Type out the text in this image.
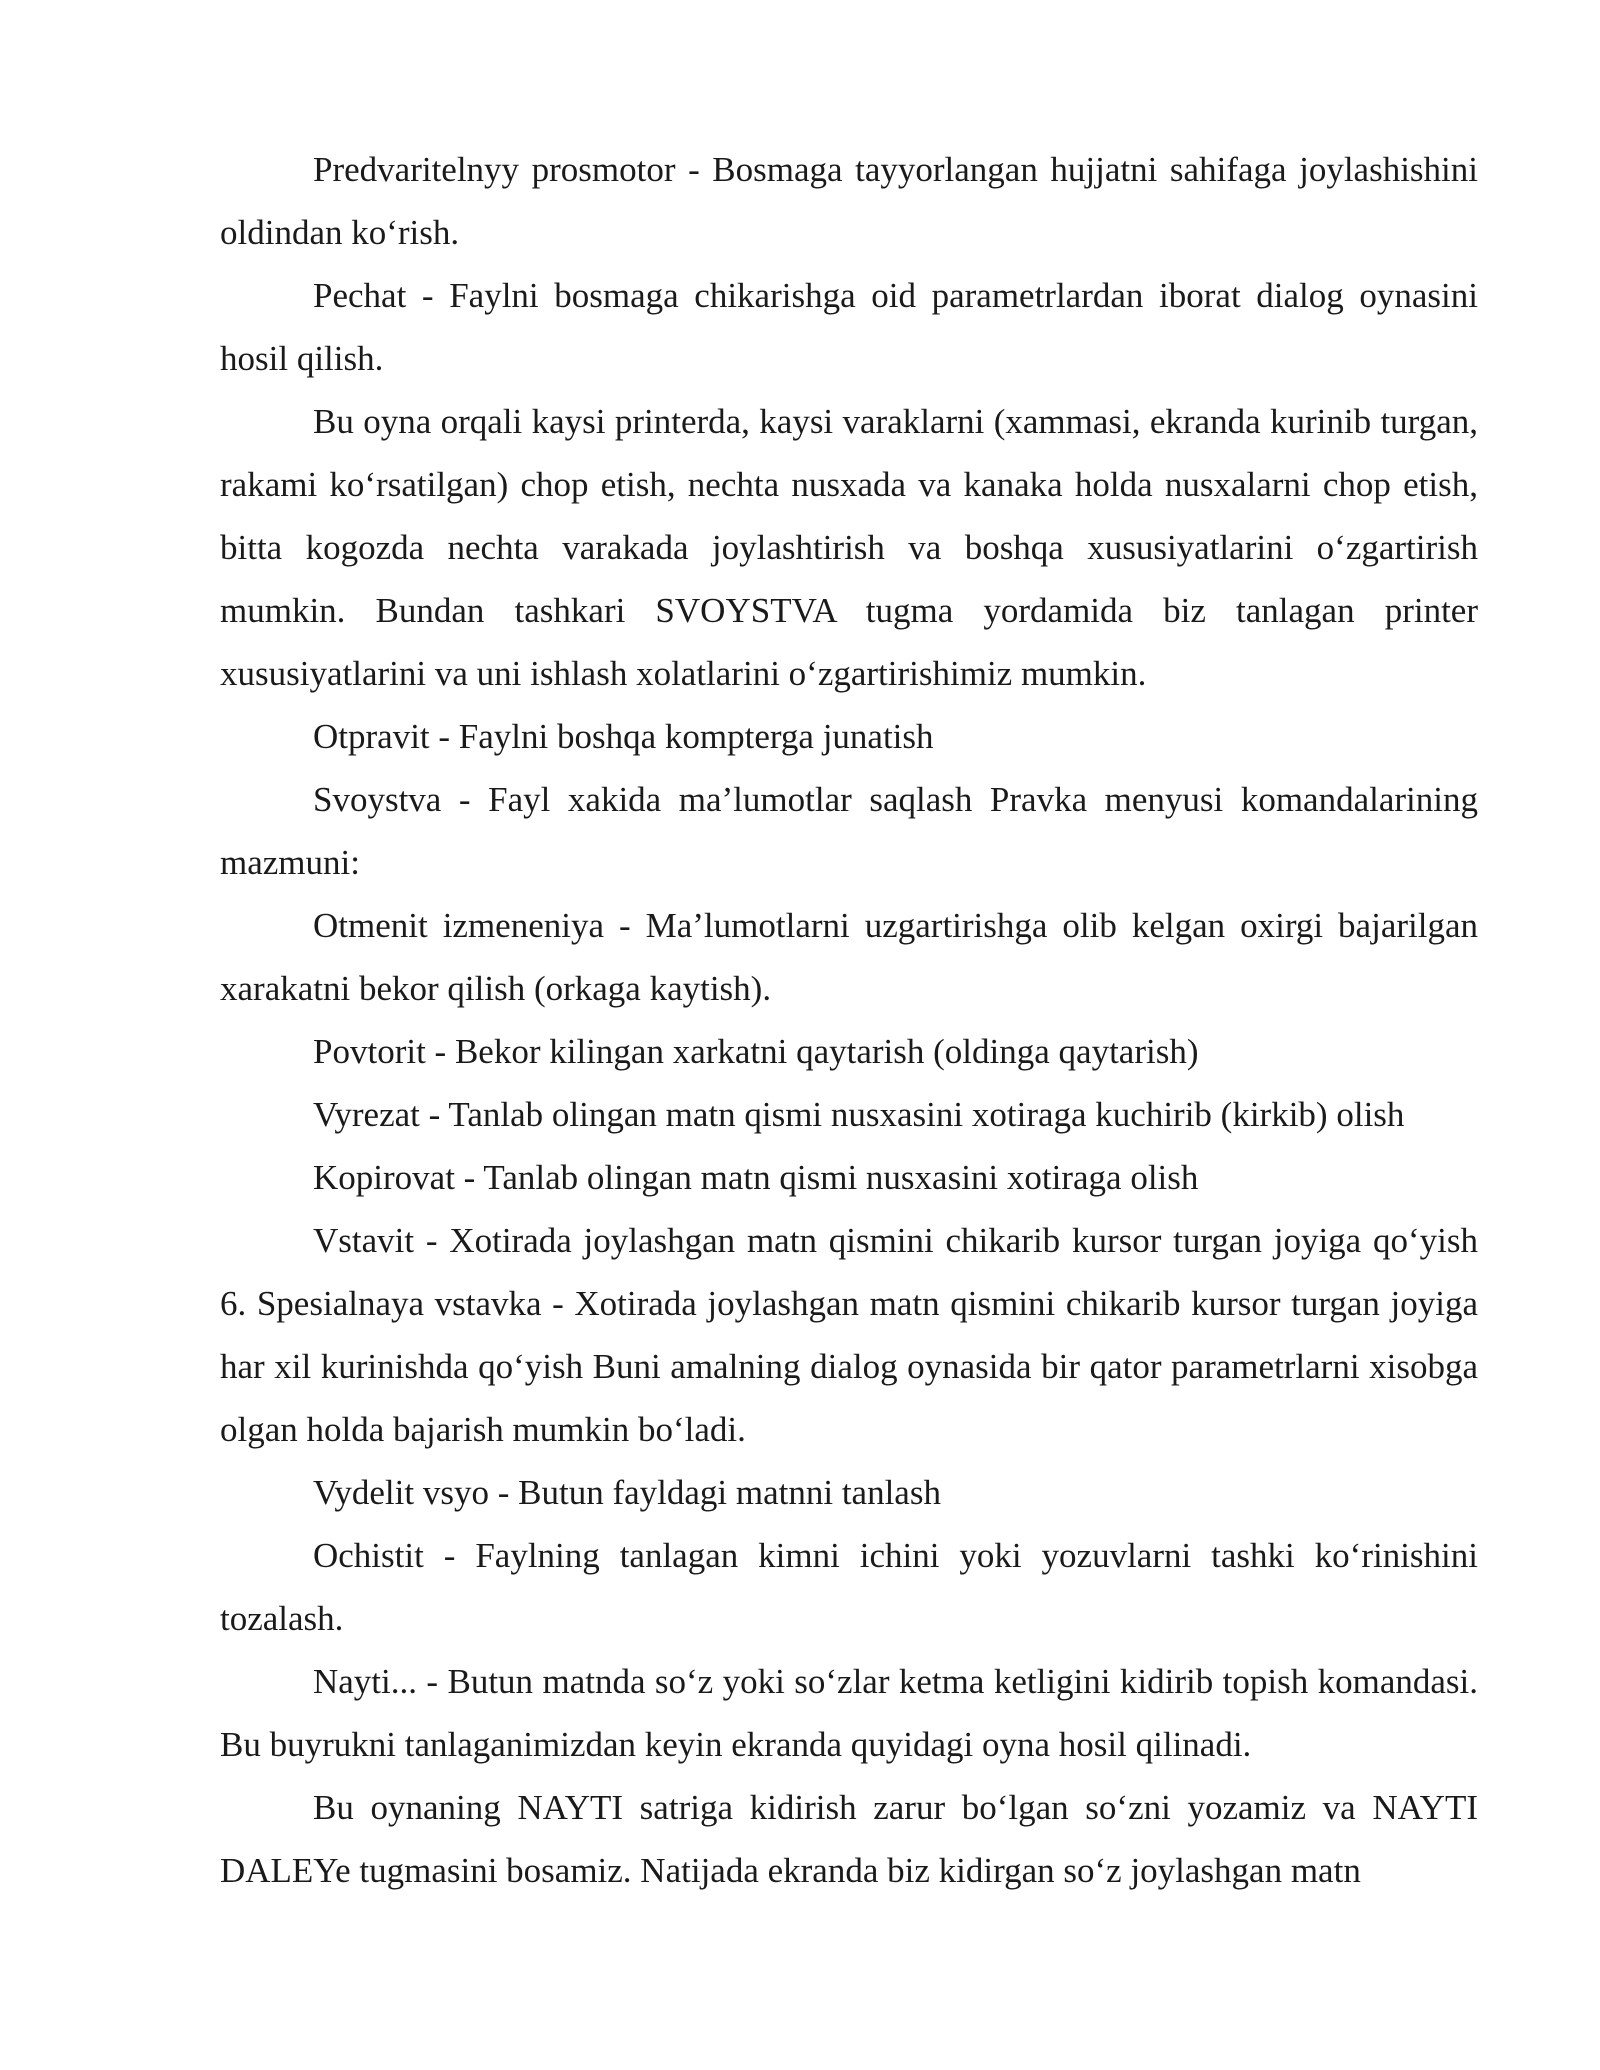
Predvaritelnyy prosmotor - Bosmaga tayyorlangan hujjatni sahifaga joylashishini oldindan ko‘rish.

Pechat - Faylni bosmaga chikarishga oid parametrlardan iborat dialog oynasini hosil qilish.

Bu oyna orqali kaysi printerda, kaysi varaklarni (xammasi, ekranda kurinib turgan, rakami ko‘rsatilgan) chop etish, nechta nusxada va kanaka holda nusxalarni chop etish, bitta kogozda nechta varakada joylashtirish va boshqa xususiyatlarini o‘zgartirish mumkin. Bundan tashkari SVOYSTVA tugma yordamida biz tanlagan printer xususiyatlarini va uni ishlash xolatlarini o‘zgartirishimiz mumkin.

Otpravit - Faylni boshqa kompterga junatish

Svoystva - Fayl xakida ma’lumotlar saqlash Pravka menyusi komandalarining mazmuni:

Otmenit izmeneniya - Ma’lumotlarni uzgartirishga olib kelgan oxirgi bajarilgan xarakatni bekor qilish (orkaga kaytish).

Povtorit - Bekor kilingan xarkatni qaytarish (oldinga qaytarish)

Vyrezat - Tanlab olingan matn qismi nusxasini xotiraga kuchirib (kirkib) olish

Kopirovat - Tanlab olingan matn qismi nusxasini xotiraga olish

Vstavit - Xotirada joylashgan matn qismini chikarib kursor turgan joyiga qo‘yish 6. Spesialnaya vstavka - Xotirada joylashgan matn qismini chikarib kursor turgan joyiga har xil kurinishda qo‘yish Buni amalning dialog oynasida bir qator parametrlarni xisobga olgan holda bajarish mumkin bo‘ladi.

Vydelit vsyo - Butun fayldagi matnni tanlash

Ochistit - Faylning tanlagan kimni ichini yoki yozuvlarni tashki ko‘rinishini tozalash.

Nayti... - Butun matnda so‘z yoki so‘zlar ketma ketligini kidirib topish komandasi. Bu buyrukni tanlaganimizdan keyin ekranda quyidagi oyna hosil qilinadi.

Bu oynaning NAYTI satriga kidirish zarur bo‘lgan so‘zni yozamiz va NAYTI DALEYe tugmasini bosamiz. Natijada ekranda biz kidirgan so‘z joylashgan matn
